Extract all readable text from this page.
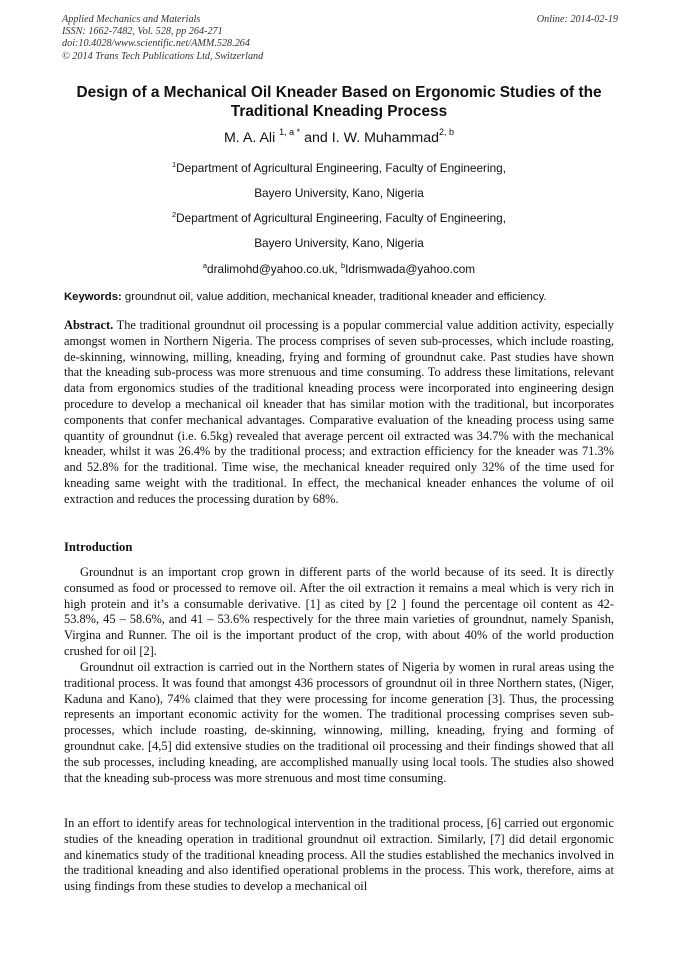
Applied Mechanics and Materials
ISSN: 1662-7482, Vol. 528, pp 264-271
doi:10.4028/www.scientific.net/AMM.528.264
© 2014 Trans Tech Publications Ltd, Switzerland
Online: 2014-02-19
Design of a Mechanical Oil Kneader Based on Ergonomic Studies of the Traditional Kneading Process
M. A. Ali $^{1, a *}$ and I. W. Muhammad$^{2, b}$
$^1$Department of Agricultural Engineering, Faculty of Engineering,
Bayero University, Kano, Nigeria
$^2$Department of Agricultural Engineering, Faculty of Engineering,
Bayero University, Kano, Nigeria
$^a$dralimohd@yahoo.co.uk, $^b$Idrismwada@yahoo.com
Keywords: groundnut oil, value addition, mechanical kneader, traditional kneader and efficiency.
Abstract. The traditional groundnut oil processing is a popular commercial value addition activity, especially amongst women in Northern Nigeria. The process comprises of seven sub-processes, which include roasting, de-skinning, winnowing, milling, kneading, frying and forming of groundnut cake. Past studies have shown that the kneading sub-process was more strenuous and time consuming. To address these limitations, relevant data from ergonomics studies of the traditional kneading process were incorporated into engineering design procedure to develop a mechanical oil kneader that has similar motion with the traditional, but incorporates components that confer mechanical advantages. Comparative evaluation of the kneading process using same quantity of groundnut (i.e. 6.5kg) revealed that average percent oil extracted was 34.7% with the mechanical kneader, whilst it was 26.4% by the traditional process; and extraction efficiency for the kneader was 71.3% and 52.8% for the traditional. Time wise, the mechanical kneader required only 32% of the time used for kneading same weight with the traditional. In effect, the mechanical kneader enhances the volume of oil extraction and reduces the processing duration by 68%.
Introduction
Groundnut is an important crop grown in different parts of the world because of its seed. It is directly consumed as food or processed to remove oil. After the oil extraction it remains a meal which is very rich in high protein and it’s a consumable derivative. [1] as cited by [2 ] found the percentage oil content as 42-53.8%, 45 – 58.6%, and 41 – 53.6% respectively for the three main varieties of groundnut, namely Spanish, Virgina and Runner. The oil is the important product of the crop, with about 40% of the world production crushed for oil [2].
Groundnut oil extraction is carried out in the Northern states of Nigeria by women in rural areas using the traditional process. It was found that amongst 436 processors of groundnut oil in three Northern states, (Niger, Kaduna and Kano), 74% claimed that they were processing for income generation [3]. Thus, the processing represents an important economic activity for the women. The traditional processing comprises seven sub-processes, which include roasting, de-skinning, winnowing, milling, kneading, frying and forming of groundnut cake. [4,5] did extensive studies on the traditional oil processing and their findings showed that all the sub processes, including kneading, are accomplished manually using local tools. The studies also showed that the kneading sub-process was more strenuous and most time consuming.
In an effort to identify areas for technological intervention in the traditional process, [6] carried out ergonomic studies of the kneading operation in traditional groundnut oil extraction. Similarly, [7] did detail ergonomic and kinematics study of the traditional kneading process. All the studies established the mechanics involved in the traditional kneading and also identified operational problems in the process. This work, therefore, aims at using findings from these studies to develop a mechanical oil
